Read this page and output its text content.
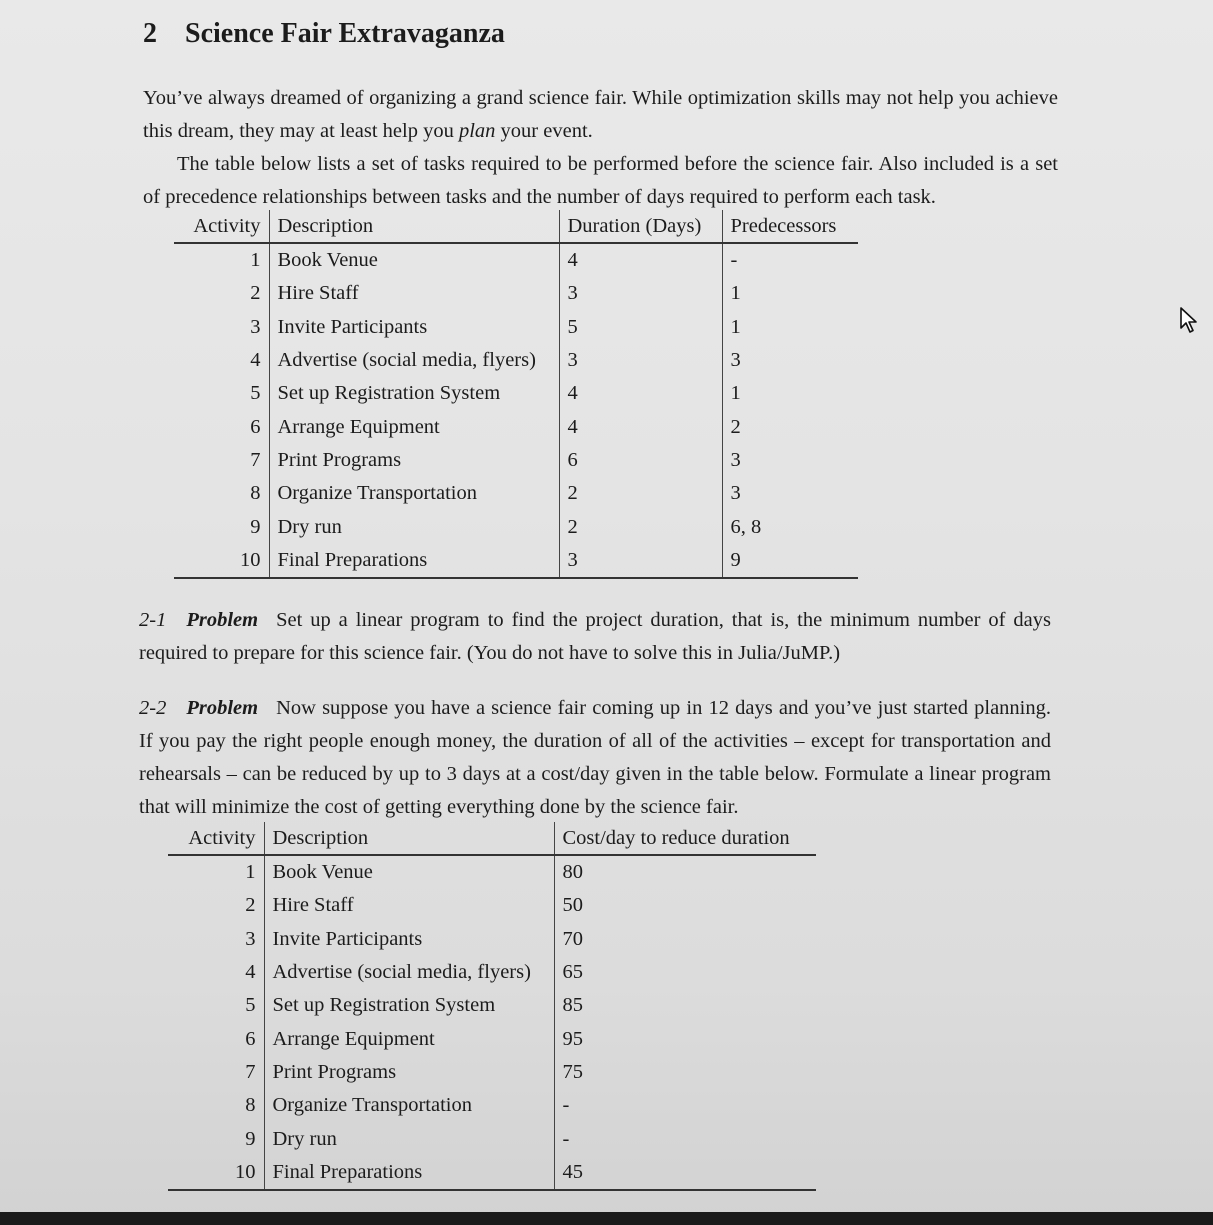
2 Science Fair Extravaganza

You’ve always dreamed of organizing a grand science fair. While optimization skills may not help you achieve this dream, they may at least help you plan your event.

The table below lists a set of tasks required to be performed before the science fair. Also included is a set of precedence relationships between tasks and the number of days required to perform each task.

Activity	Description	Duration (Days)	Predecessors
1	Book Venue	4	-
2	Hire Staff	3	1
3	Invite Participants	5	1
4	Advertise (social media, flyers)	3	3
5	Set up Registration System	4	1
6	Arrange Equipment	4	2
7	Print Programs	6	3
8	Organize Transportation	2	3
9	Dry run	2	6, 8
10	Final Preparations	3	9

2-1 Problem Set up a linear program to find the project duration, that is, the minimum number of days required to prepare for this science fair. (You do not have to solve this in Julia/JuMP.)

2-2 Problem Now suppose you have a science fair coming up in 12 days and you’ve just started planning. If you pay the right people enough money, the duration of all of the activities – except for transportation and rehearsals – can be reduced by up to 3 days at a cost/day given in the table below. Formulate a linear program that will minimize the cost of getting everything done by the science fair.

Activity	Description	Cost/day to reduce duration
1	Book Venue	80
2	Hire Staff	50
3	Invite Participants	70
4	Advertise (social media, flyers)	65
5	Set up Registration System	85
6	Arrange Equipment	95
7	Print Programs	75
8	Organize Transportation	-
9	Dry run	-
10	Final Preparations	45
